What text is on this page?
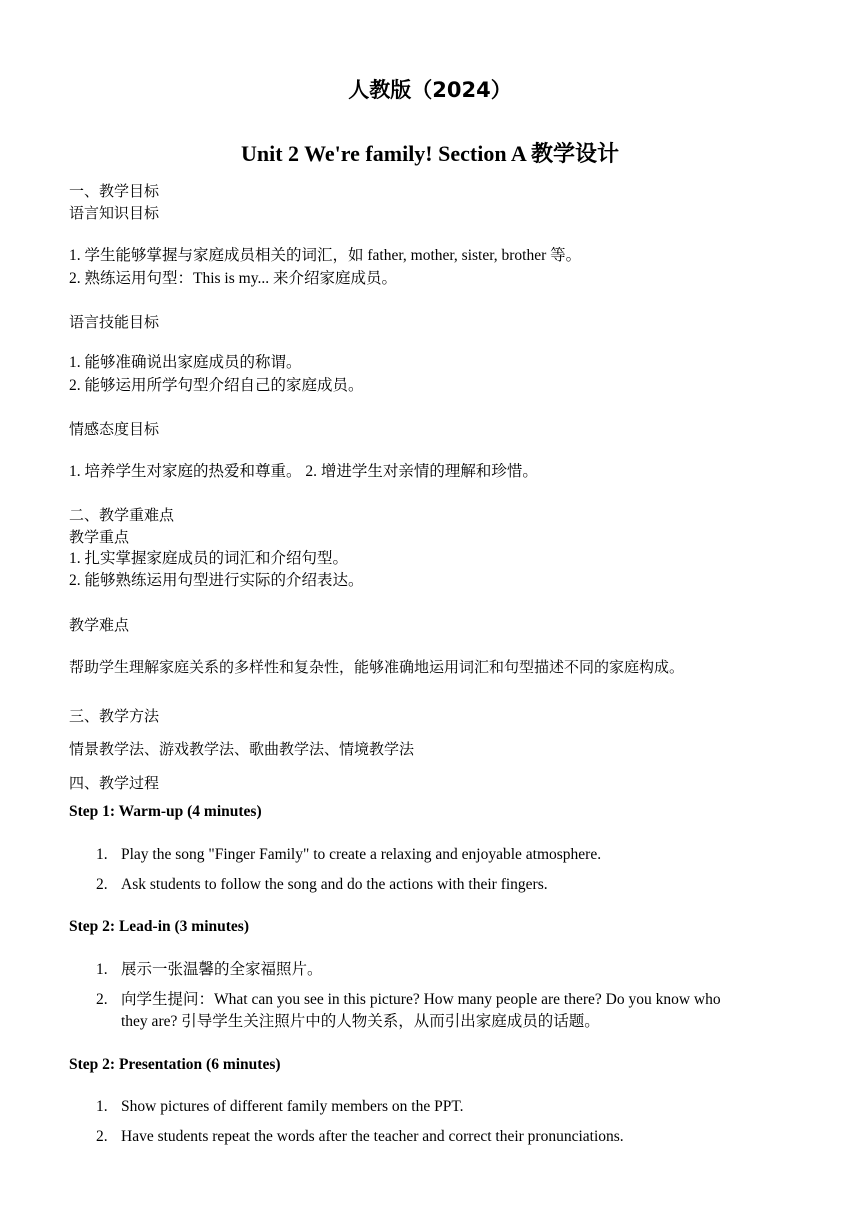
人教版（2024）
Unit 2 We're family! Section A 教学设计
一、教学目标
语言知识目标
1. 学生能够掌握与家庭成员相关的词汇，如 father, mother, sister, brother 等。
2. 熟练运用句型：This is my... 来介绍家庭成员。
语言技能目标
1. 能够准确说出家庭成员的称谓。
2. 能够运用所学句型介绍自己的家庭成员。
情感态度目标
1. 培养学生对家庭的热爱和尊重。 2. 增进学生对亲情的理解和珍惜。
二、教学重难点
教学重点
1. 扎实掌握家庭成员的词汇和介绍句型。
2. 能够熟练运用句型进行实际的介绍表达。
教学难点
帮助学生理解家庭关系的多样性和复杂性，能够准确地运用词汇和句型描述不同的家庭构成。
三、教学方法
情景教学法、游戏教学法、歌曲教学法、情境教学法
四、教学过程
Step 1: Warm-up (4 minutes)
1. Play the song "Finger Family" to create a relaxing and enjoyable atmosphere.
2. Ask students to follow the song and do the actions with their fingers.
Step 2: Lead-in (3 minutes)
1. 展示一张温馨的全家福照片。
2. 向学生提问：What can you see in this picture? How many people are there? Do you know who
they are? 引导学生关注照片中的人物关系，从而引出家庭成员的话题。
Step 2: Presentation (6 minutes)
1. Show pictures of different family members on the PPT.
2. Have students repeat the words after the teacher and correct their pronunciations.
